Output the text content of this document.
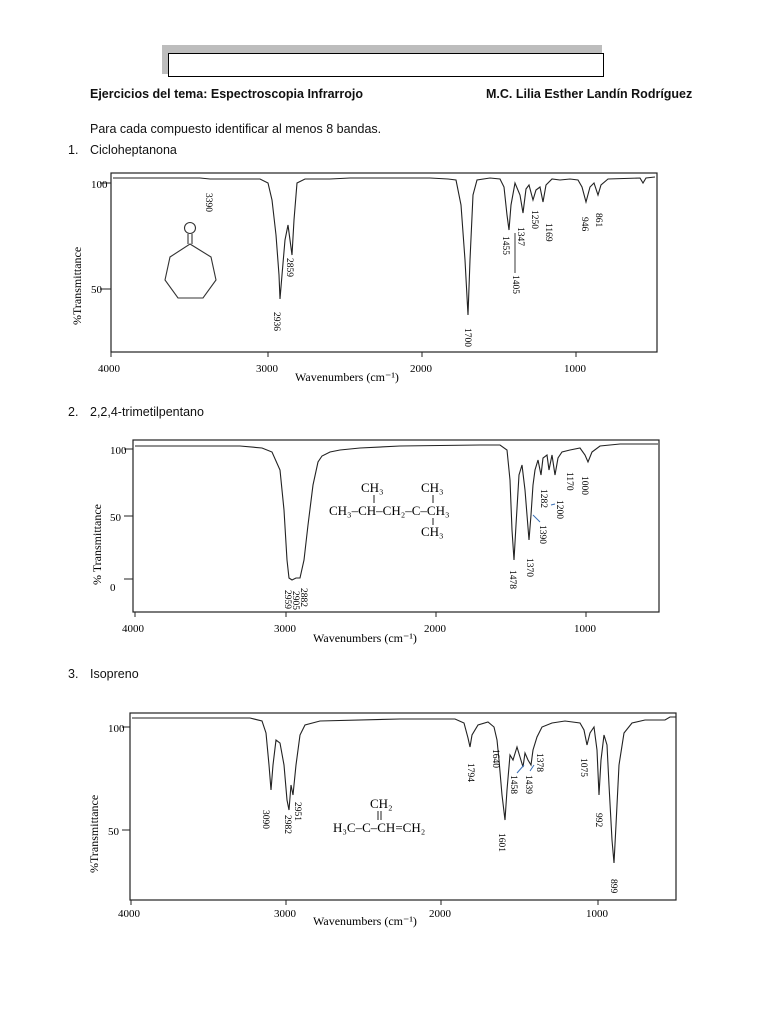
Ejercicios del tema: Espectroscopia Infrarrojo	M.C. Lilia Esther Landín Rodríguez
Para cada compuesto identificar al menos 8 bandas.
1. Cicloheptanona
100
50
4000	3000	2000	1000
Wavenumbers (cm⁻¹)
%Transmittance
3390
2936
2859
1700
1455
1405
1347
1250
1169	946 861
2. 2,2,4-trimetilpentano
100
50
0
4000	3000	2000	1000
Wavenumbers (cm⁻¹)
% Transmittance
2959
2905
2882
1478
1370
1390
1282
1200
1170 1000
CH₃	CH₃
CH₃–CH–CH₂–C–CH₃
CH₃
3. Isopreno
100
50
4000	3000	2000	1000
Wavenumbers (cm⁻¹)
%Transmittance	3090 2982
2951
1794
1640
1601
1458 1439
1378	1075
992
899
CH₂
H₃C–C–CH=CH₂
